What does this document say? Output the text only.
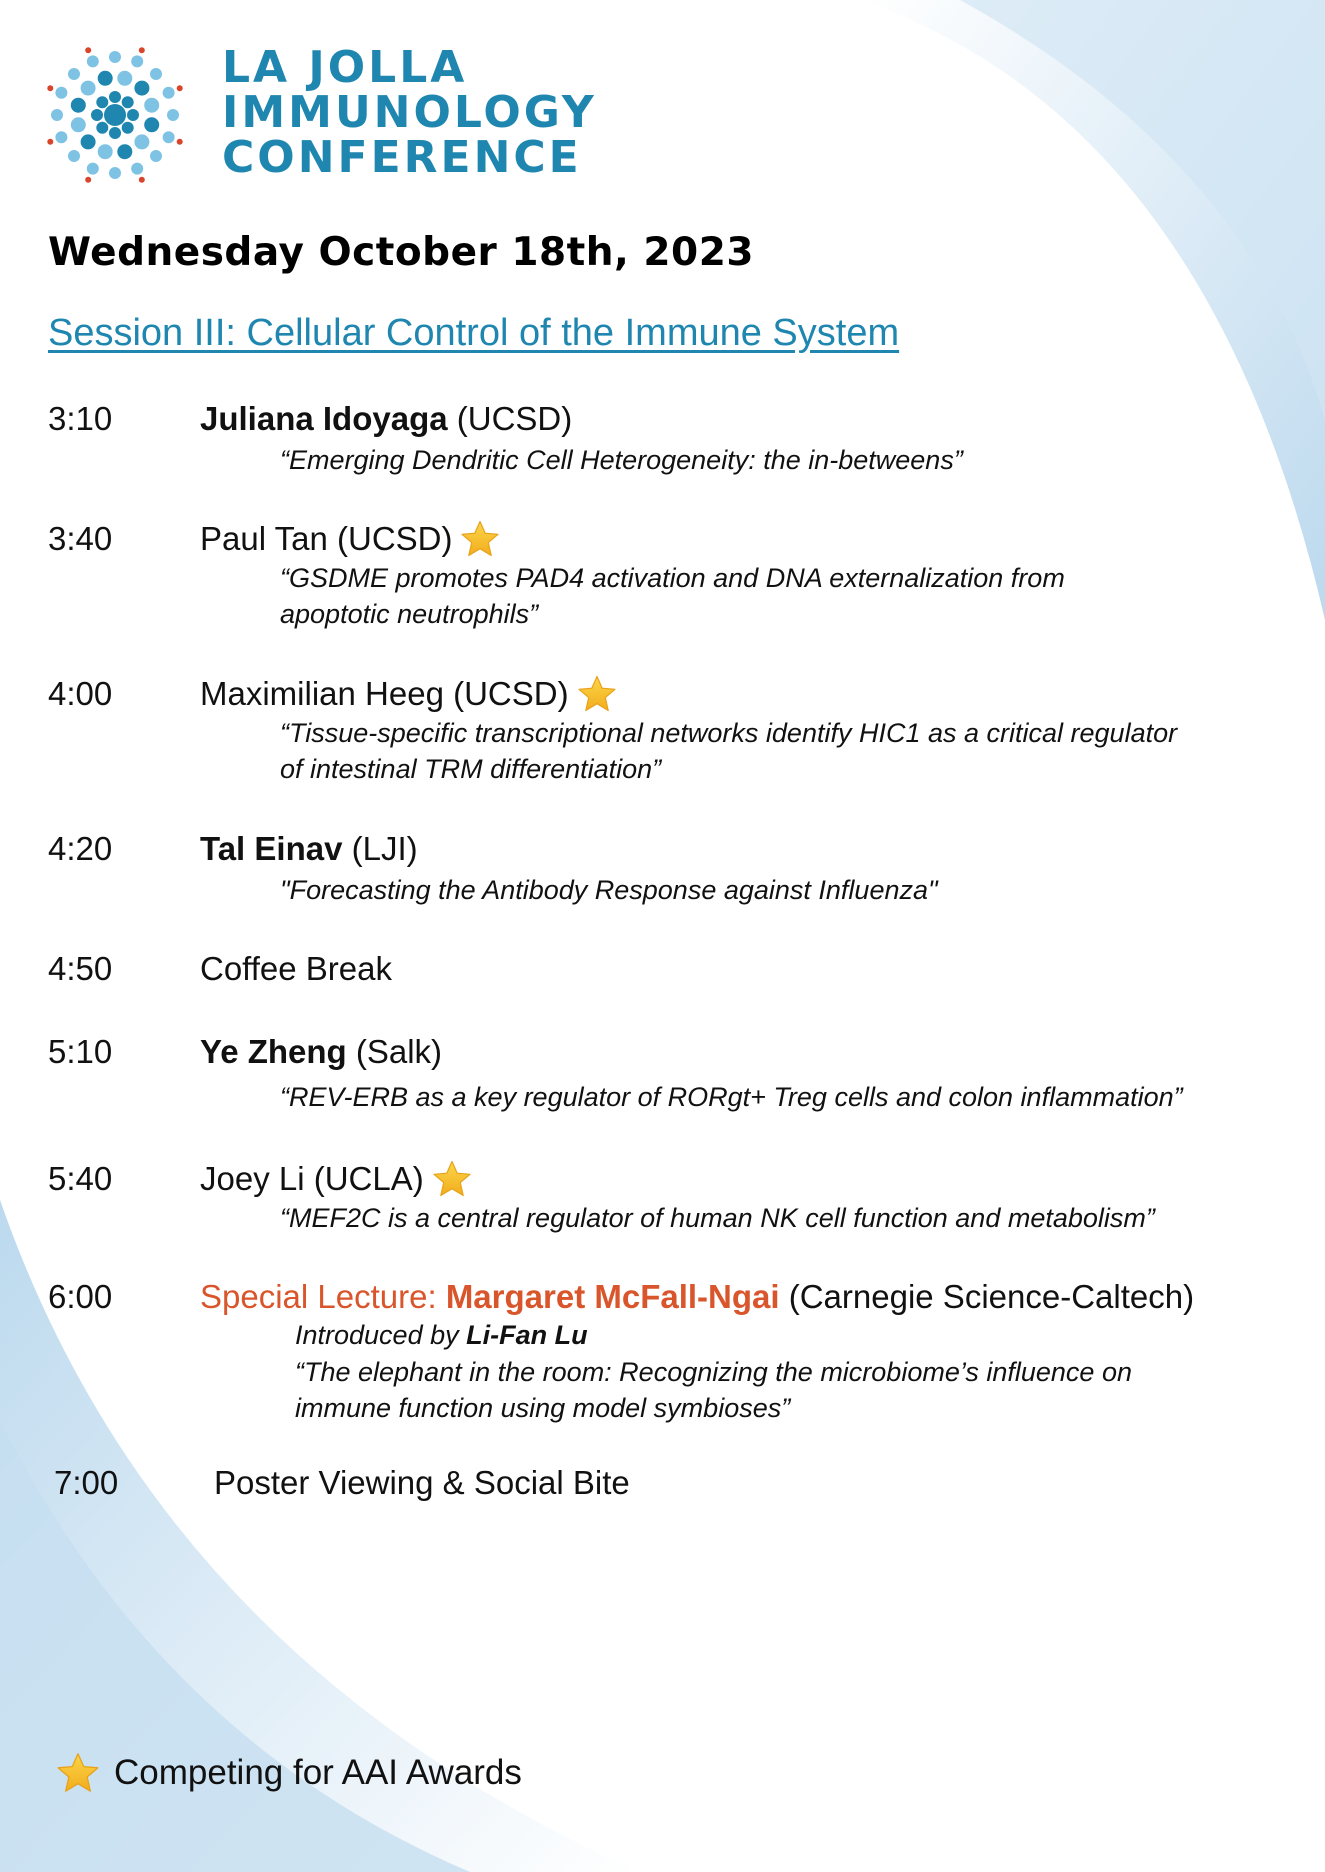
LA JOLLA
IMMUNOLOGY
CONFERENCE
Wednesday October 18th, 2023
Session III: Cellular Control of the Immune System
3:10	Juliana Idoyaga (UCSD)
“Emerging Dendritic Cell Heterogeneity: the in-betweens”
3:40	Paul Tan (UCSD)
“GSDME promotes PAD4 activation and DNA externalization from
apoptotic neutrophils”
4:00	Maximilian Heeg (UCSD)
“Tissue-specific transcriptional networks identify HIC1 as a critical regulator
of intestinal TRM differentiation”
4:20	Tal Einav (LJI)
"Forecasting the Antibody Response against Influenza"
4:50	Coffee Break
5:10	Ye Zheng (Salk)
“REV-ERB as a key regulator of RORgt+ Treg cells and colon inflammation”
5:40	Joey Li (UCLA)
“MEF2C is a central regulator of human NK cell function and metabolism”
6:00	Special Lecture: Margaret McFall-Ngai (Carnegie Science-Caltech)
Introduced by Li-Fan Lu
“The elephant in the room: Recognizing the microbiome’s influence on
immune function using model symbioses”
7:00	Poster Viewing & Social Bite
Competing for AAI Awards
